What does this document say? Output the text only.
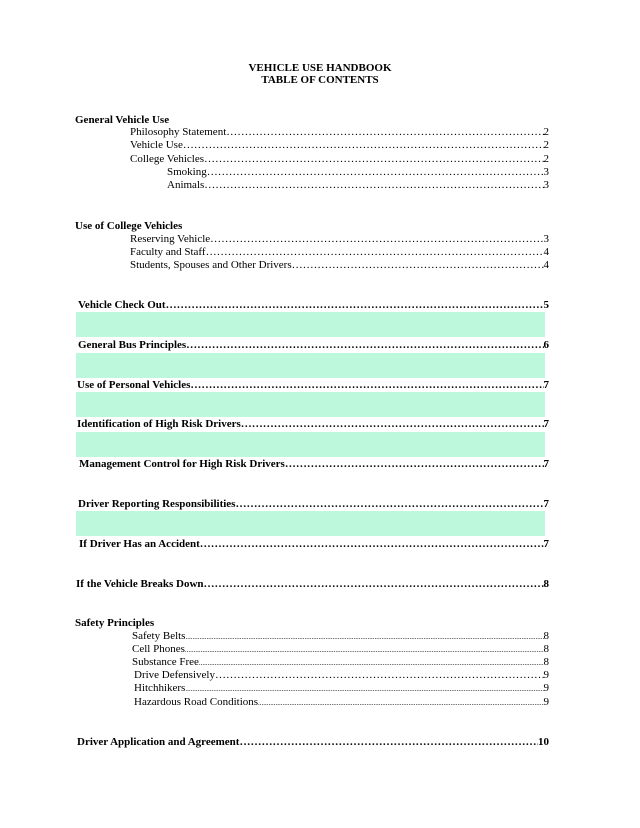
VEHICLE USE HANDBOOK
TABLE OF CONTENTS
General Vehicle Use
Philosophy Statement …………………………………………………………………………………………………………………………………………………………………………………………………	2
Vehicle Use …………………………………………………………………………………………………………………………………………………………………………………………………	2
College Vehicles …………………………………………………………………………………………………………………………………………………………………………………………………	2
Smoking …………………………………………………………………………………………………………………………………………………………………………………………………	3
Animals …………………………………………………………………………………………………………………………………………………………………………………………………	3
Use of College Vehicles
Reserving Vehicle …………………………………………………………………………………………………………………………………………………………………………………………………	3
Faculty and Staff …………………………………………………………………………………………………………………………………………………………………………………………………	4
Students, Spouses and Other Drivers …………………………………………………………………………………………………………………………………………………………………………………………………	4
Vehicle Check Out …………………………………………………………………………………………………………………………………………………………………………………………………	5
General Bus Principles …………………………………………………………………………………………………………………………………………………………………………………………………	6
Use of Personal Vehicles …………………………………………………………………………………………………………………………………………………………………………………………………	7
Identification of High Risk Drivers …………………………………………………………………………………………………………………………………………………………………………………………………	7
Management Control for High Risk Drivers …………………………………………………………………………………………………………………………………………………………………………………………………	7
Driver Reporting Responsibilities …………………………………………………………………………………………………………………………………………………………………………………………………	7
If Driver Has an Accident …………………………………………………………………………………………………………………………………………………………………………………………………	7
If the Vehicle Breaks Down …………………………………………………………………………………………………………………………………………………………………………………………………	8
Safety Principles
Safety Belts .....	8
Cell Phones .....	8
Substance Free .....	8
Drive Defensively …………………………………………………………………………………………………………………………………………………………………………………………………	9
Hitchhikers .....	9
Hazardous Road Conditions .....	9
Driver Application and Agreement …………………………………………………………………………………………………………………………………………………………………………………………………	10
